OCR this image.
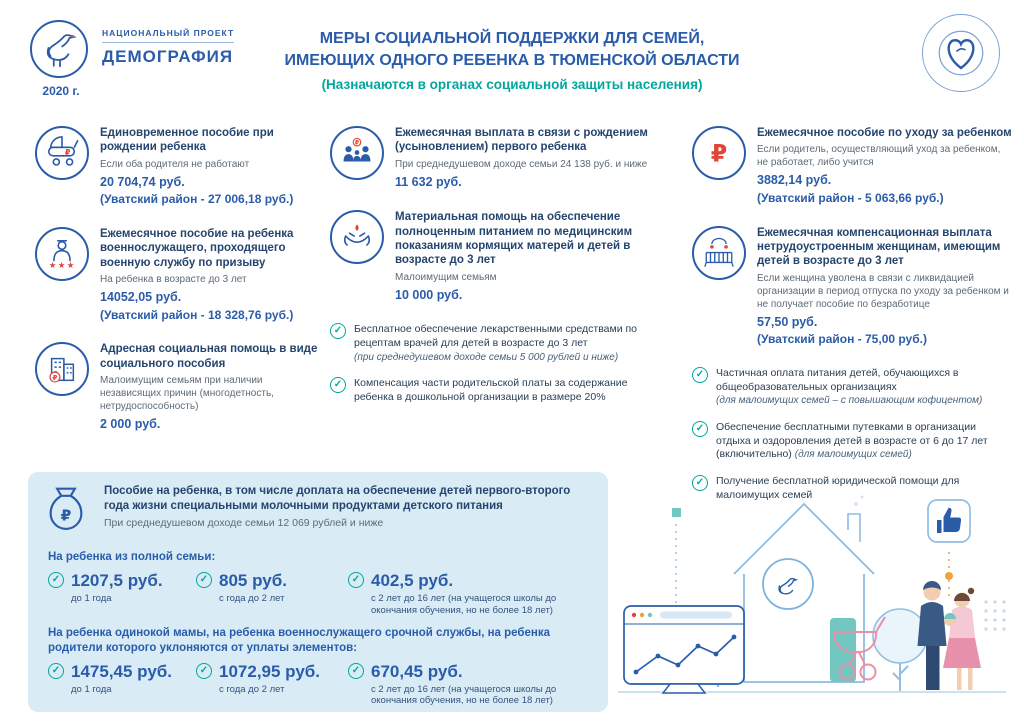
НАЦИОНАЛЬНЫЙ ПРОЕКТ
ДЕМОГРАФИЯ
2020 г.
МЕРЫ СОЦИАЛЬНОЙ ПОДДЕРЖКИ ДЛЯ СЕМЕЙ,
ИМЕЮЩИХ ОДНОГО РЕБЕНКА В ТЮМЕНСКОЙ ОБЛАСТИ
(Назначаются в органах социальной защиты населения)
₽
Единовременное пособие при рождении ребенка
Если оба родителя не работают
20 704,74 руб.
(Уватский район - 27 006,18 руб.)
★ ★ ★
Ежемесячное пособие на ребенка военнослужащего, проходящего военную службу по призыву
На ребенка в возрасте до 3 лет
14052,05 руб.
(Уватский район - 18 328,76 руб.)
₽
Адресная социальная помощь в виде социального пособия
Малоимущим семьям при наличии независящих причин (многодетность, нетрудоспособность)
2 000 руб.
₽
Ежемесячная выплата в связи с рождением (усыновлением) первого ребенка
При среднедушевом доходе семьи 24 138 руб. и ниже
11 632 руб.
Материальная помощь на обеспечение полноценным питанием по медицинским показаниям кормящих матерей и детей в возрасте до 3 лет
Малоимущим семьям
10 000 руб.
✓	Бесплатное обеспечение лекарственными средствами по рецептам врачей для детей в возрасте до 3 лет
(при среднедушевом доходе семьи 5 000 рублей и ниже)
✓	Компенсация части родительской платы за содержание ребенка в дошкольной организации в размере 20%
₽
Ежемесячное пособие по уходу за ребенком
Если родитель, осуществляющий уход за ребенком, не работает, либо учится
3882,14 руб.
(Уватский район - 5 063,66 руб.)
Ежемесячная компенсационная выплата нетрудоустроенным женщинам, имеющим детей в возрасте до 3 лет
Если женщина уволена в связи с ликвидацией организации в период отпуска по уходу за ребенком и не получает пособие по безработице
57,50 руб.
(Уватский район - 75,00 руб.)
✓	Частичная оплата питания детей, обучающихся в общеобразовательных организациях
(для малоимущих семей – с повышающим кофицентом)
✓	Обеспечение бесплатными путевками в организации отдыха и оздоровления детей в возрасте от 6 до 17 лет (включительно) (для малоимущих семей)
✓	Получение бесплатной юридической помощи для малоимущих семей
₽
Пособие на ребенка, в том числе доплата на обеспечение детей первого-второго года жизни специальными молочными продуктами детского питания
При среднедушевом доходе семьи 12 069 рублей и ниже
На ребенка из полной семьи:
✓ 1207,5 руб.
до 1 года
✓ 805 руб.
с года до 2 лет
✓ 402,5 руб.
с 2 лет до 16 лет (на учащегося школы до окончания обучения, но не более 18 лет)
На ребенка одинокой мамы, на ребенка военнослужащего срочной службы, на ребенка родители которого уклоняются от уплаты элементов:
✓ 1475,45 руб.
до 1 года
✓ 1072,95 руб.
с года до 2 лет
✓ 670,45 руб.
с 2 лет до 16 лет (на учащегося школы до окончания обучения, но не более 18 лет)
